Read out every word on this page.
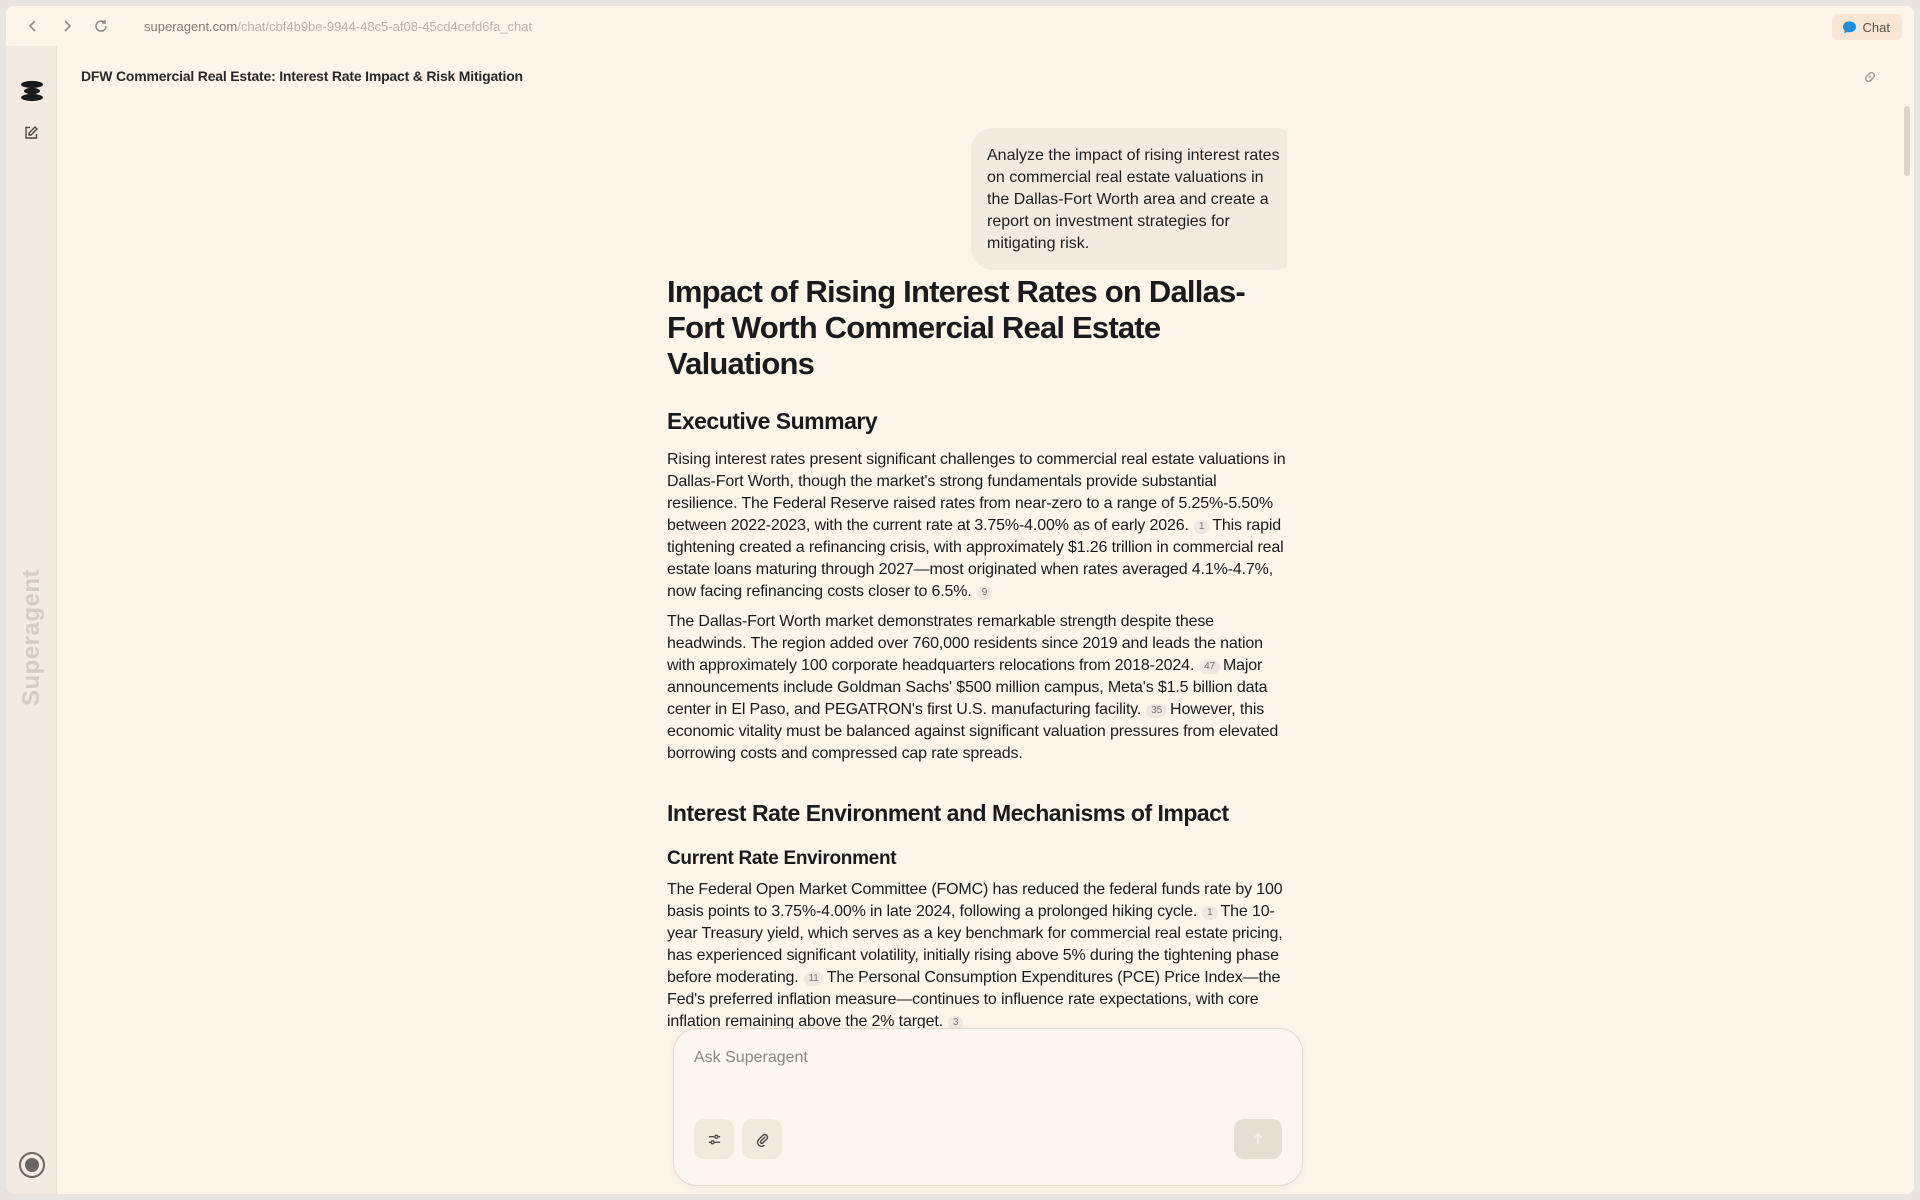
superagent.com/chat/cbf4b9be-9944-48c5-af08-45cd4cefd6fa_chat	Chat
Superagent
DFW Commercial Real Estate: Interest Rate Impact & Risk Mitigation
Analyze the impact of rising interest rates on commercial real estate valuations in the Dallas-Fort Worth area and create a report on investment strategies for mitigating risk.
Impact of Rising Interest Rates on Dallas-Fort Worth Commercial Real Estate Valuations
Executive Summary

Rising interest rates present significant challenges to commercial real estate valuations in Dallas-Fort Worth, though the market's strong fundamentals provide substantial resilience. The Federal Reserve raised rates from near-zero to a range of 5.25%-5.50% between 2022-2023, with the current rate at 3.75%-4.00% as of early 2026. 1 This rapid tightening created a refinancing crisis, with approximately $1.26 trillion in commercial real estate loans maturing through 2027—most originated when rates averaged 4.1%-4.7%, now facing refinancing costs closer to 6.5%. 9

The Dallas-Fort Worth market demonstrates remarkable strength despite these headwinds. The region added over 760,000 residents since 2019 and leads the nation with approximately 100 corporate headquarters relocations from 2018-2024. 47 Major announcements include Goldman Sachs' $500 million campus, Meta's $1.5 billion data center in El Paso, and PEGATRON's first U.S. manufacturing facility. 35 However, this economic vitality must be balanced against significant valuation pressures from elevated borrowing costs and compressed cap rate spreads.

Interest Rate Environment and Mechanisms of Impact
Current Rate Environment

The Federal Open Market Committee (FOMC) has reduced the federal funds rate by 100 basis points to 3.75%-4.00% in late 2024, following a prolonged hiking cycle. 1 The 10-year Treasury yield, which serves as a key benchmark for commercial real estate pricing, has experienced significant volatility, initially rising above 5% during the tightening phase before moderating. 11 The Personal Consumption Expenditures (PCE) Price Index—the Fed's preferred inflation measure—continues to influence rate expectations, with core inflation remaining above the 2% target. 3

Ask Superagent
